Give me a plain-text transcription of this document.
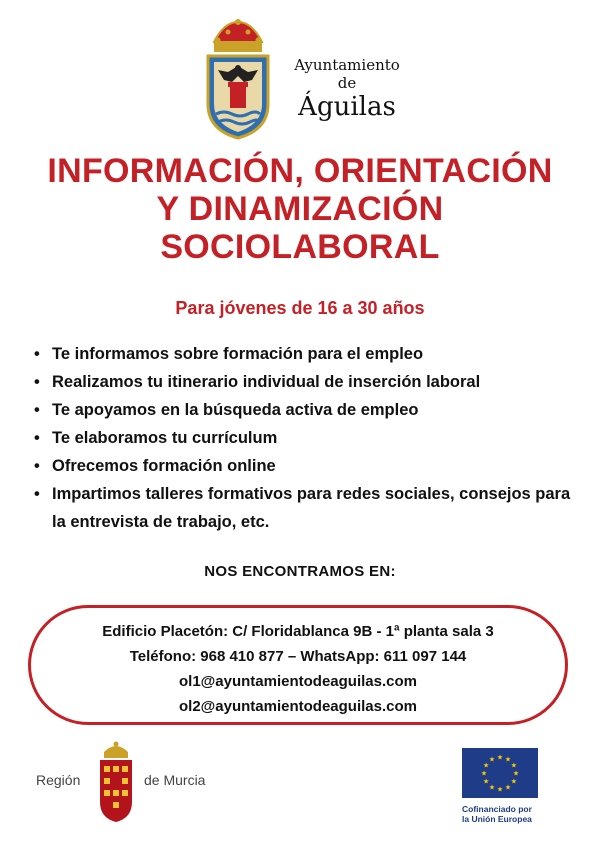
Ayuntamiento
de
Águilas
INFORMACIÓN, ORIENTACIÓN
Y DINAMIZACIÓN
SOCIOLABORAL
Para jóvenes de 16 a 30 años
• Te informamos sobre formación para el empleo
• Realizamos tu itinerario individual de inserción laboral
• Te apoyamos en la búsqueda activa de empleo
• Te elaboramos tu currículum
• Ofrecemos formación online
• Impartimos talleres formativos para redes sociales, consejos para la entrevista de trabajo, etc.
NOS ENCONTRAMOS EN:
Edificio Placetón: C/ Floridablanca 9B - 1ª planta sala 3
Teléfono: 968 410 877 – WhatsApp: 611 097 144
ol1@ayuntamientodeaguilas.com
ol2@ayuntamientodeaguilas.com
Región	de Murcia	★
★
★
★
★
★
★
★
★ ★ ★
★
Cofinanciado por
la Unión Europea
